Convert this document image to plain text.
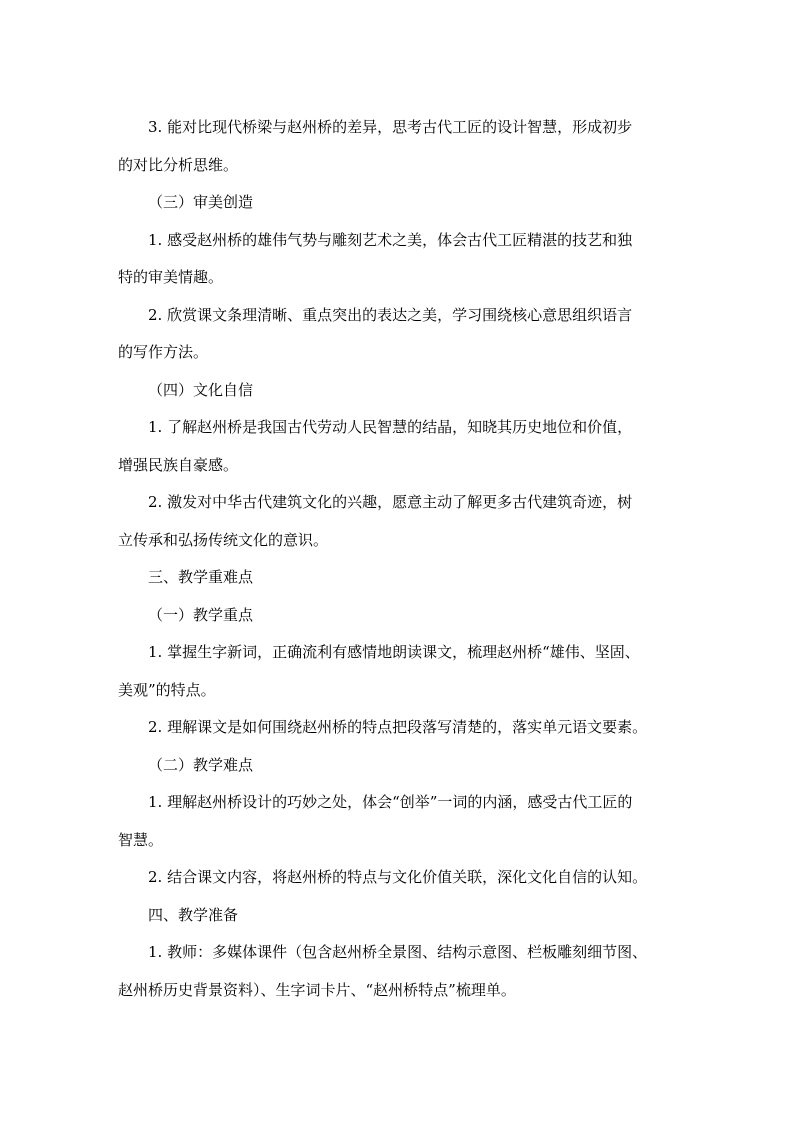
3. 能对比现代桥梁与赵州桥的差异，思考古代工匠的设计智慧，形成初步

的对比分析思维。

（三）审美创造

1. 感受赵州桥的雄伟气势与雕刻艺术之美，体会古代工匠精湛的技艺和独

特的审美情趣。

2. 欣赏课文条理清晰、重点突出的表达之美，学习围绕核心意思组织语言

的写作方法。

（四）文化自信

1. 了解赵州桥是我国古代劳动人民智慧的结晶，知晓其历史地位和价值，

增强民族自豪感。

2. 激发对中华古代建筑文化的兴趣，愿意主动了解更多古代建筑奇迹，树

立传承和弘扬传统文化的意识。

三、教学重难点

（一）教学重点

1. 掌握生字新词，正确流利有感情地朗读课文，梳理赵州桥“雄伟、坚固、

美观”的特点。

2. 理解课文是如何围绕赵州桥的特点把段落写清楚的，落实单元语文要素。

（二）教学难点

1. 理解赵州桥设计的巧妙之处，体会“创举”一词的内涵，感受古代工匠的

智慧。

2. 结合课文内容，将赵州桥的特点与文化价值关联，深化文化自信的认知。

四、教学准备

1. 教师：多媒体课件（包含赵州桥全景图、结构示意图、栏板雕刻细节图、

赵州桥历史背景资料）、生字词卡片、“赵州桥特点”梳理单。
